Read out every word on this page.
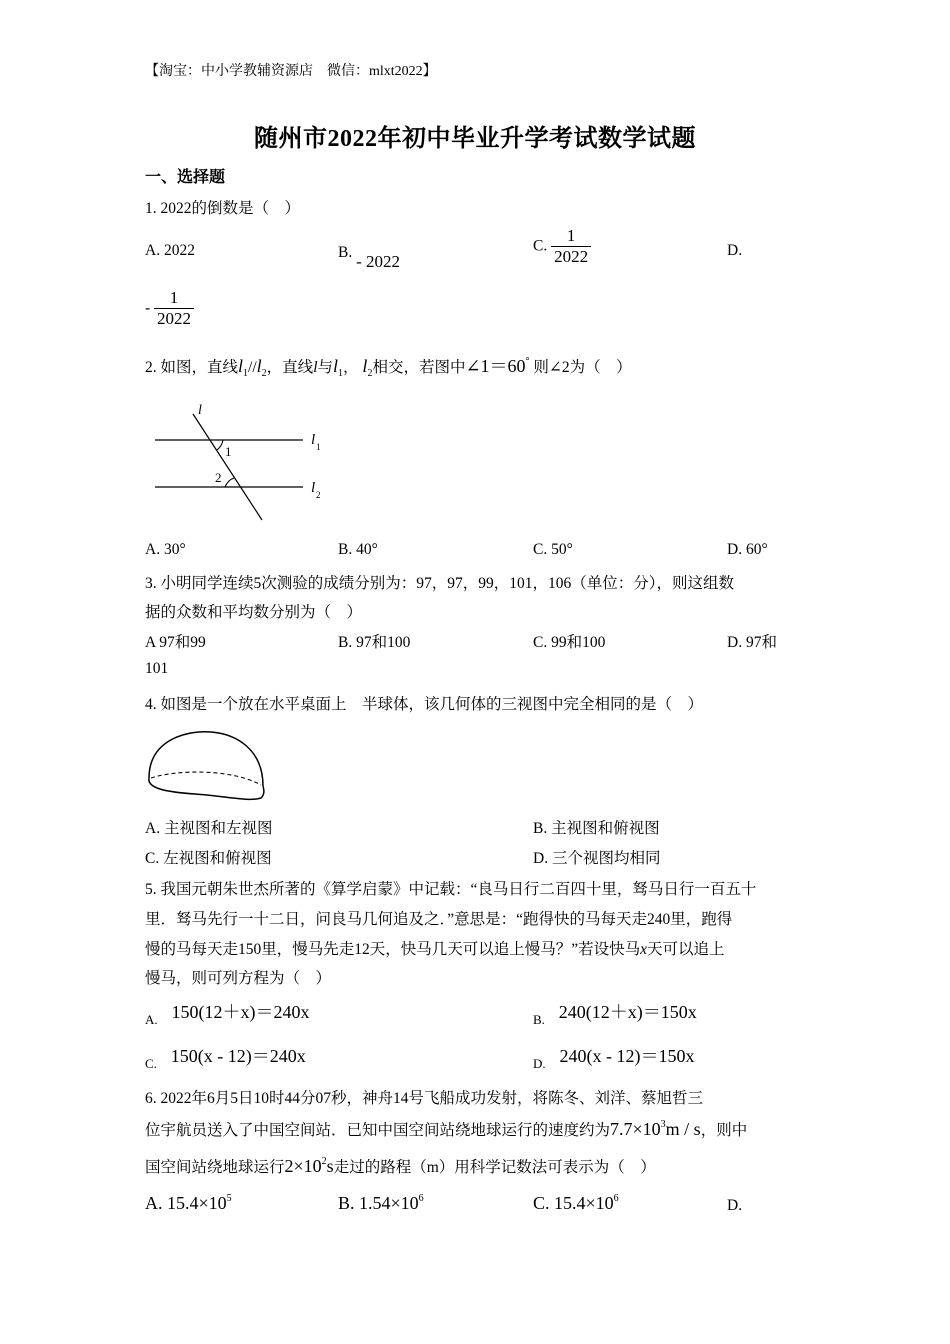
【淘宝：中小学教辅资源店　微信：mlxt2022】
随州市2022年初中毕业升学考试数学试题
一、选择题
1. 2022的倒数是（　）
A. 2022	B. - 2022
C. $\frac{1}{2022}$	D.
- $\frac{1}{2022}$
2. 如图，直线$l_1//l_2$，直线l与$l_1$， $l_2$相交，若图中∠1＝60° 则∠2为（　）
l
1
2
l 1
l 2
A. 30°	B. 40°	C. 50°	D. 60°
3. 小明同学连续5次测验的成绩分别为：97，97，99，101，106（单位：分），则这组数
据的众数和平均数分别为（　）
A 97和99	B. 97和100	C. 99和100	D. 97和
101
4. 如图是一个放在水平桌面上　半球体，该几何体的三视图中完全相同的是（　）
A. 主视图和左视图	B. 主视图和俯视图
C. 左视图和俯视图	D. 三个视图均相同
5. 我国元朝朱世杰所著的《算学启蒙》中记载：“良马日行二百四十里，驽马日行一百五十
里．驽马先行一十二日，问良马几何追及之．”意思是：“跑得快的马每天走240里，跑得
慢的马每天走150里，慢马先走12天，快马几天可以追上慢马？”若设快马x天可以追上
慢马，则可列方程为（　）
$_{A.}$ 150(12＋x)＝240x	$_{B.}$ 240(12＋x)＝150x
$_{C.}$ 150(x - 12)＝240x	$_{D.}$ 240(x - 12)＝150x
6. 2022年6月5日10时44分07秒，神舟14号飞船成功发射，将陈冬、刘洋、蔡旭哲三
位宇航员送入了中国空间站．已知中国空间站绕地球运行的速度约为$7.7\times 10^3m / s$，则中
国空间站绕地球运行$2\times 10^2s$走过的路程（m）用科学记数法可表示为（　）
A. $15.4\times 10^5$	B. $1.54\times 10^6$	C. $15.4\times 10^6$	D.
